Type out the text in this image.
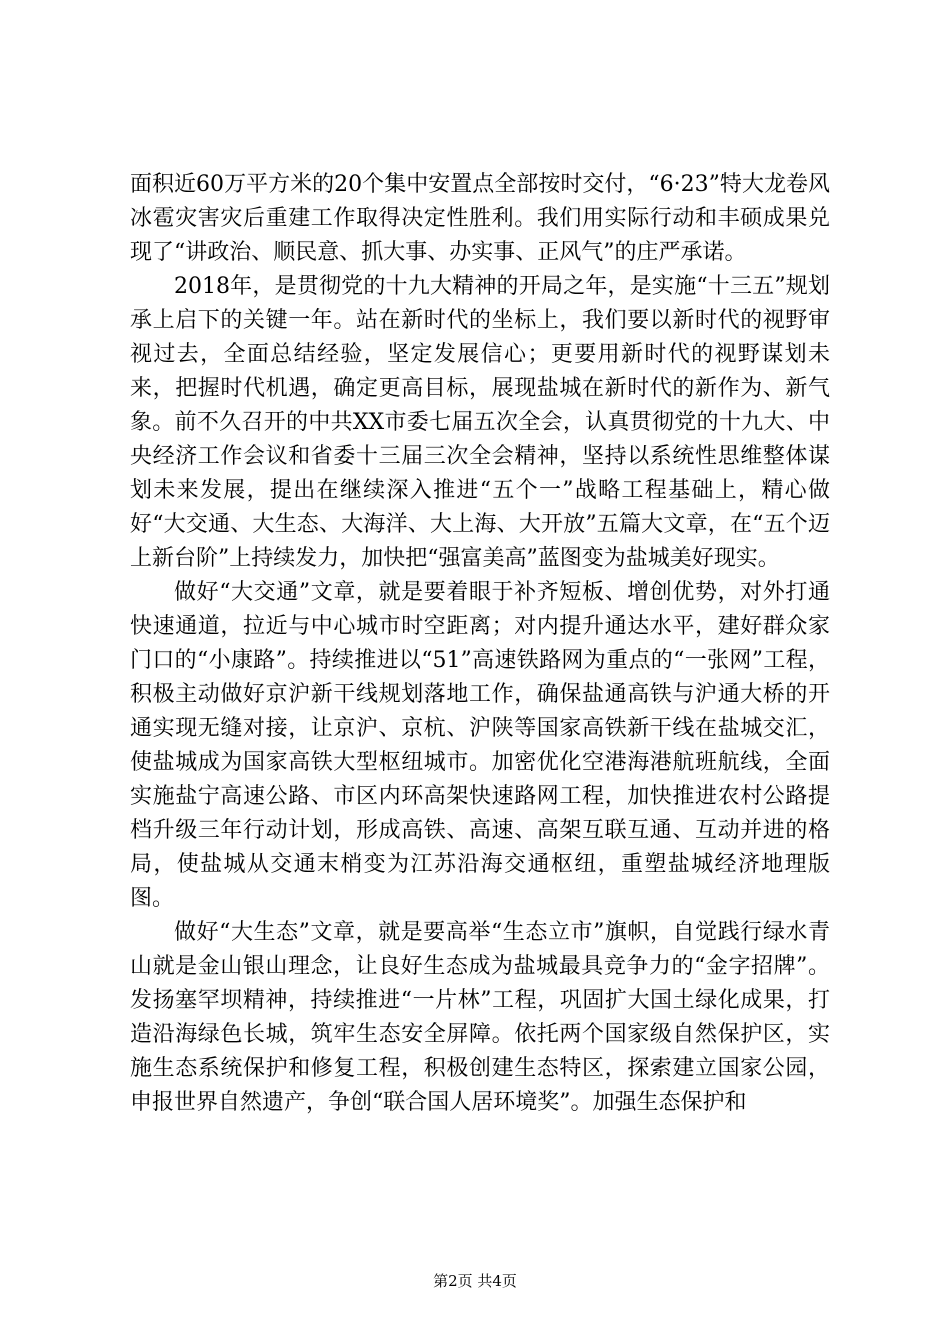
面积近60万平方米的20个集中安置点全部按时交付，“6·23”特大龙卷风冰雹灾害灾后重建工作取得决定性胜利。我们用实际行动和丰硕成果兑现了“讲政治、顺民意、抓大事、办实事、正风气”的庄严承诺。

2018年，是贯彻党的十九大精神的开局之年，是实施“十三五”规划承上启下的关键一年。站在新时代的坐标上，我们要以新时代的视野审视过去，全面总结经验，坚定发展信心；更要用新时代的视野谋划未来，把握时代机遇，确定更高目标，展现盐城在新时代的新作为、新气象。前不久召开的中共XX市委七届五次全会，认真贯彻党的十九大、中央经济工作会议和省委十三届三次全会精神，坚持以系统性思维整体谋划未来发展，提出在继续深入推进“五个一”战略工程基础上，精心做好“大交通、大生态、大海洋、大上海、大开放”五篇大文章，在“五个迈上新台阶”上持续发力，加快把“强富美高”蓝图变为盐城美好现实。

做好“大交通”文章，就是要着眼于补齐短板、增创优势，对外打通快速通道，拉近与中心城市时空距离；对内提升通达水平，建好群众家门口的“小康路”。持续推进以“51”高速铁路网为重点的“一张网”工程，积极主动做好京沪新干线规划落地工作，确保盐通高铁与沪通大桥的开通实现无缝对接，让京沪、京杭、沪陕等国家高铁新干线在盐城交汇，使盐城成为国家高铁大型枢纽城市。加密优化空港海港航班航线，全面实施盐宁高速公路、市区内环高架快速路网工程，加快推进农村公路提档升级三年行动计划，形成高铁、高速、高架互联互通、互动并进的格局，使盐城从交通末梢变为江苏沿海交通枢纽，重塑盐城经济地理版图。

做好“大生态”文章，就是要高举“生态立市”旗帜，自觉践行绿水青山就是金山银山理念，让良好生态成为盐城最具竞争力的“金字招牌”。发扬塞罕坝精神，持续推进“一片林”工程，巩固扩大国土绿化成果，打造沿海绿色长城，筑牢生态安全屏障。依托两个国家级自然保护区，实施生态系统保护和修复工程，积极创建生态特区，探索建立国家公园，申报世界自然遗产，争创“联合国人居环境奖”。加强生态保护和

第2页 共4页
